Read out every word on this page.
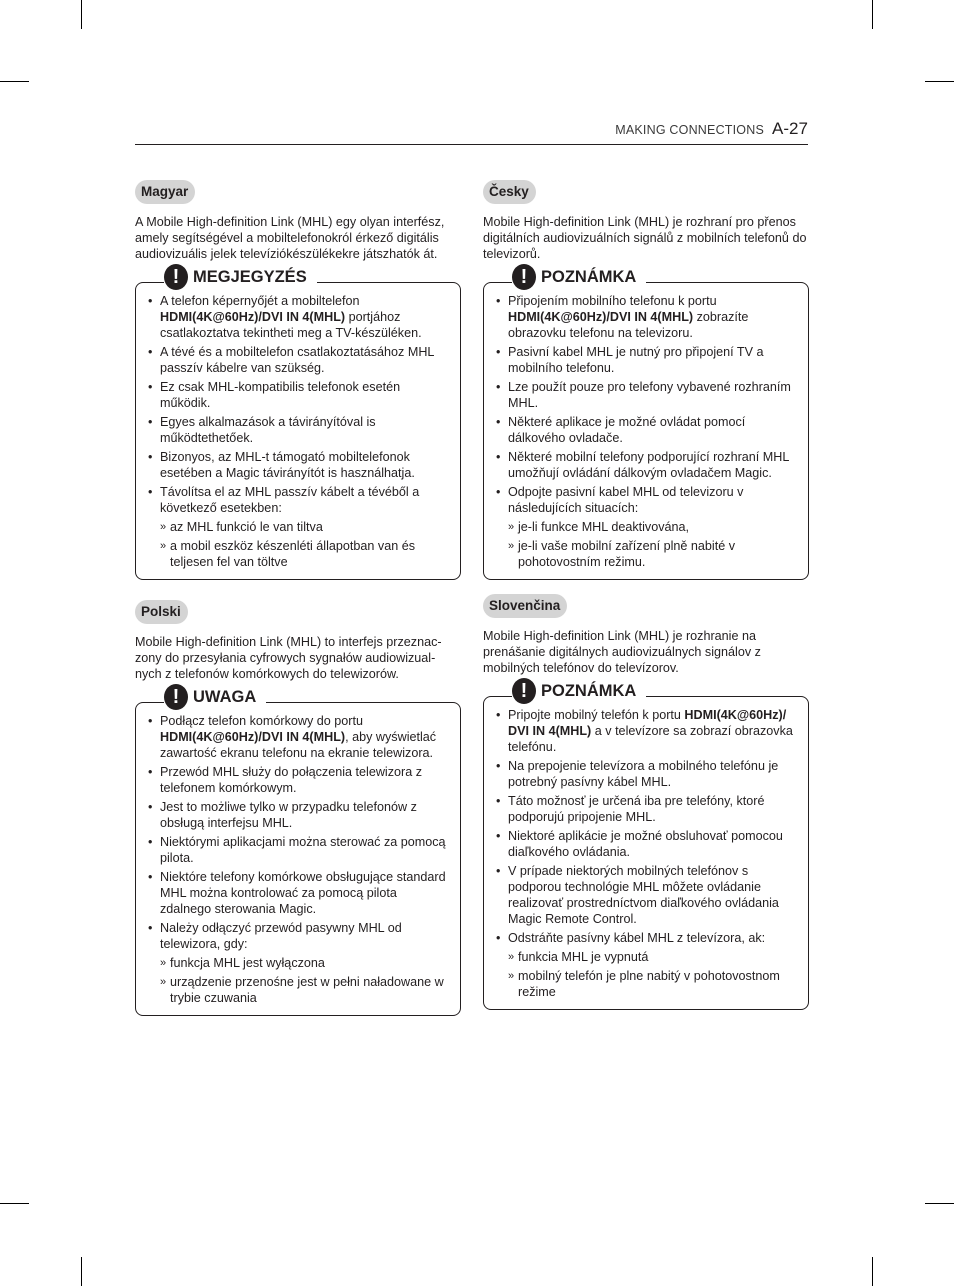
MAKING CONNECTIONS A-27
Magyar

A Mobile High-definition Link (MHL) egy olyan interfész, amely segítségével a mobiltelefonokról érkező digitális audiovizuális jelek televíziókészülékekre játszhatók át.

! MEGJEGYZÉS
• A telefon képernyőjét a mobiltelefon HDMI(4K@60Hz)/DVI IN 4(MHL) portjához csatlakoztatva tekintheti meg a TV-készüléken.
• A tévé és a mobiltelefon csatlakoztatásához MHL passzív kábelre van szükség.
• Ez csak MHL-kompatibilis telefonok esetén működik.
• Egyes alkalmazások a távirányítóval is működtethetőek.
• Bizonyos, az MHL-t támogató mobiltelefonok esetében a Magic távirányítót is használhatja.
• Távolítsa el az MHL passzív kábelt a tévéből a következő esetekben:
» az MHL funkció le van tiltva
» a mobil eszköz készenléti állapotban van és teljesen fel van töltve
Polski

Mobile High-definition Link (MHL) to interfejs przeznac-zony do przesyłania cyfrowych sygnałów audiowizual-nych z telefonów komórkowych do telewizorów.

! UWAGA
• Podłącz telefon komórkowy do portu HDMI(4K@60Hz)/DVI IN 4(MHL), aby wyświetlać zawartość ekranu telefonu na ekranie telewizora.
• Przewód MHL służy do połączenia telewizora z telefonem komórkowym.
• Jest to możliwe tylko w przypadku telefonów z obsługą interfejsu MHL.
• Niektórymi aplikacjami można sterować za pomocą pilota.
• Niektóre telefony komórkowe obsługujące standard MHL można kontrolować za pomocą pilota zdalnego sterowania Magic.
• Należy odłączyć przewód pasywny MHL od telewizora, gdy:
» funkcja MHL jest wyłączona
» urządzenie przenośne jest w pełni naładowane w trybie czuwania
Česky

Mobile High-definition Link (MHL) je rozhraní pro přenos digitálních audiovizuálních signálů z mobilních telefonů do televizorů.

! POZNÁMKA
• Připojením mobilního telefonu k portu HDMI(4K@60Hz)/DVI IN 4(MHL) zobrazíte obrazovku telefonu na televizoru.
• Pasivní kabel MHL je nutný pro připojení TV a mobilního telefonu.
• Lze použít pouze pro telefony vybavené rozhraním MHL.
• Některé aplikace je možné ovládat pomocí dálkového ovladače.
• Některé mobilní telefony podporující rozhraní MHL umožňují ovládání dálkovým ovladačem Magic.
• Odpojte pasivní kabel MHL od televizoru v následujících situacích:
» je-li funkce MHL deaktivována,
» je-li vaše mobilní zařízení plně nabité v pohotovostním režimu.
Slovenčina

Mobile High-definition Link (MHL) je rozhranie na prenášanie digitálnych audiovizuálnych signálov z mobilných telefónov do televízorov.

! POZNÁMKA
• Pripojte mobilný telefón k portu HDMI(4K@60Hz)/ DVI IN 4(MHL) a v televízore sa zobrazí obrazovka telefónu.
• Na prepojenie televízora a mobilného telefónu je potrebný pasívny kábel MHL.
• Táto možnosť je určená iba pre telefóny, ktoré podporujú pripojenie MHL.
• Niektoré aplikácie je možné obsluhovať pomocou diaľkového ovládania.
• V prípade niektorých mobilných telefónov s podporou technológie MHL môžete ovládanie realizovať prostredníctvom diaľkového ovládania Magic Remote Control.
• Odstráňte pasívny kábel MHL z televízora, ak:
» funkcia MHL je vypnutá
» mobilný telefón je plne nabitý v pohotovostnom režime
